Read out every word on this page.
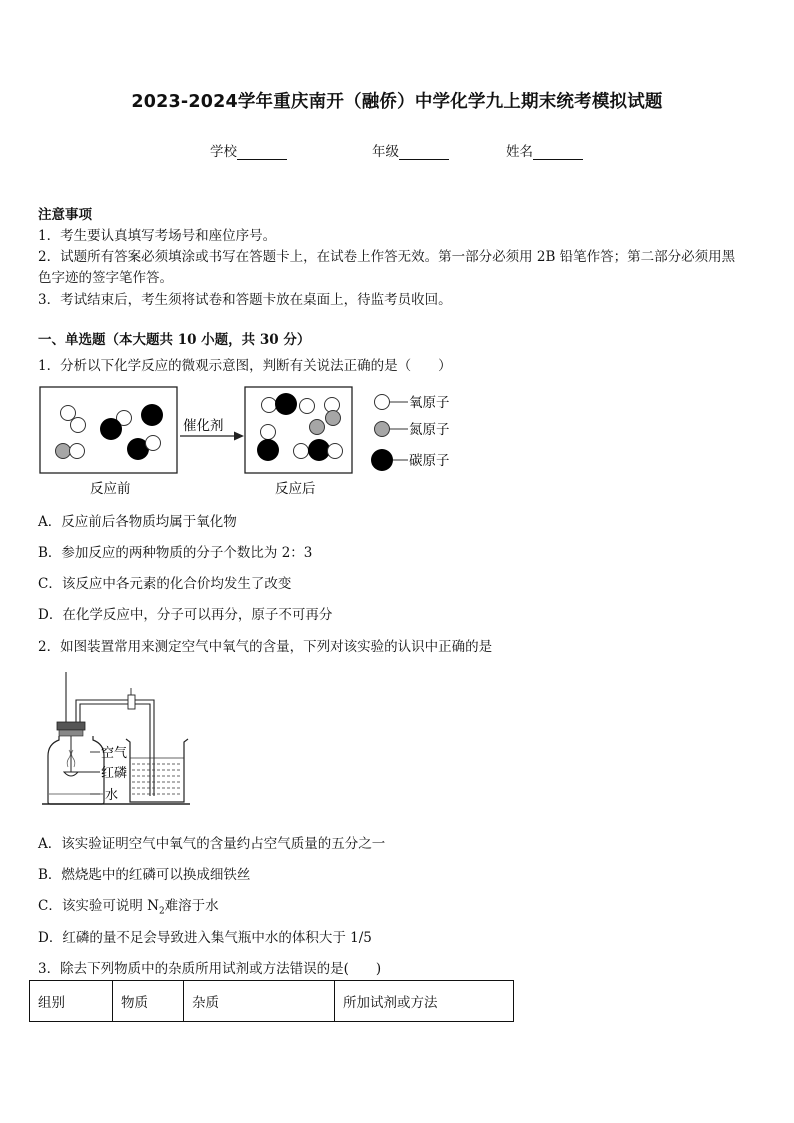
2023-2024学年重庆南开（融侨）中学化学九上期末统考模拟试题
学校	年级	姓名
注意事项
1．考生要认真填写考场号和座位序号。
2．试题所有答案必须填涂或书写在答题卡上，在试卷上作答无效。第一部分必须用 2B 铅笔作答；第二部分必须用黑
色字迹的签字笔作答。
3．考试结束后，考生须将试卷和答题卡放在桌面上，待监考员收回。
一、单选题（本大题共 10 小题，共 30 分）
1．分析以下化学反应的微观示意图，判断有关说法正确的是（　　）
催化剂
反应前	反应后
氧原子
氮原子
碳原子
A．反应前后各物质均属于氧化物
B．参加反应的两种物质的分子个数比为 2：3
C．该反应中各元素的化合价均发生了改变
D．在化学反应中，分子可以再分，原子不可再分
2．如图装置常用来测定空气中氧气的含量，下列对该实验的认识中正确的是
空气
红磷
水
A．该实验证明空气中氧气的含量约占空气质量的五分之一
B．燃烧匙中的红磷可以换成细铁丝
C．该实验可说明 $N_2$难溶于水
D．红磷的量不足会导致进入集气瓶中水的体积大于 1/5
3．除去下列物质中的杂质所用试剂或方法错误的是(　　)
组别	物质	杂质	所加试剂或方法
